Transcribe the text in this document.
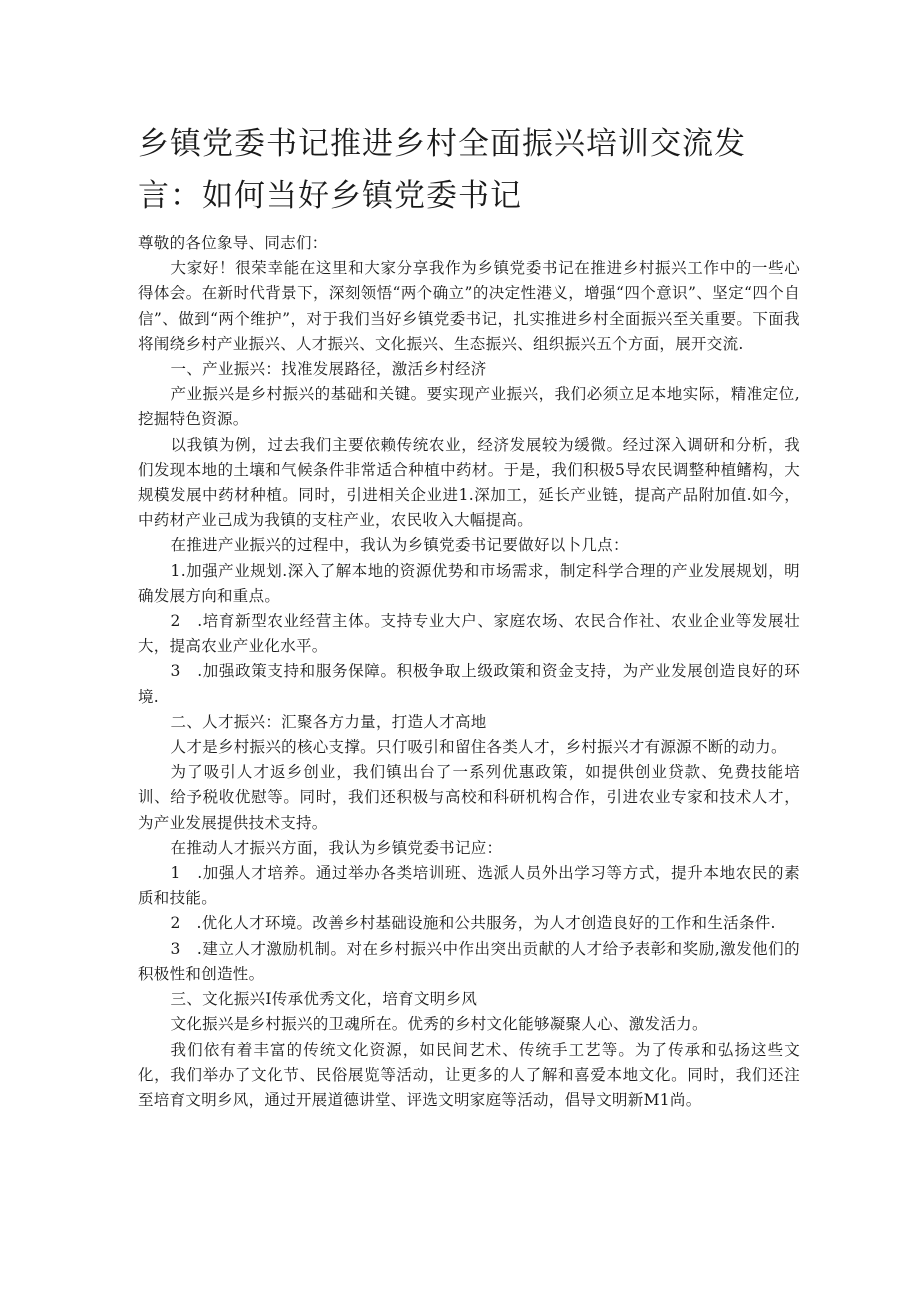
乡镇党委书记推进乡村全面振兴培训交流发言：如何当好乡镇党委书记

尊敬的各位象导、同志们：

大家好！很荣幸能在这里和大家分享我作为乡镇党委书记在推进乡村振兴工作中的一些心得体会。在新时代背景下，深刻领悟“两个确立”的决定性港义，增强“四个意识”、坚定“四个自信”、做到“两个维护”，对于我们当好乡镇党委书记，扎实推进乡村全面振兴至关重要。下面我将闱绕乡村产业振兴、人才振兴、文化振兴、生态振兴、组织振兴五个方面，展开交流.

一、产业振兴：找准发展路径，激活乡村经济

产业振兴是乡村振兴的基础和关键。要实现产业振兴，我们必须立足本地实际，精准定位,挖掘特色资源。

以我镇为例，过去我们主要依赖传统农业，经济发展较为缓微。经过深入调研和分析，我们发现本地的土壤和气候条件非常适合种植中药材。于是，我们积极5导农民调整种植鳍构，大规模发展中药材种植。同时，引进相关企业进1.深加工，延长产业链，提高产品附加值.如今，中药材产业己成为我镇的支柱产业，农民收入大幅提高。

在推进产业振兴的过程中，我认为乡镇党委书记要做好以卜几点：

1.加强产业规划.深入了解本地的资源优势和市场需求，制定科学合理的产业发展规划，明确发展方向和重点。

2　.培育新型农业经营主体。支持专业大户、家庭农场、农民合作社、农业企业等发展壮大，提高农业产业化水平。

3　.加强政策支持和服务保障。积极争取上级政策和资金支持，为产业发展创造良好的环境.

二、人才振兴：汇聚各方力量，打造人才高地

人才是乡村振兴的核心支撑。只仃吸引和留住各类人才，乡村振兴才有源源不断的动力。

为了吸引人才返乡创业，我们镇出台了一系列优惠政策，如提供创业贷款、免费技能培训、给予税收优慰等。同时，我们还积极与高校和科研机构合作，引进农业专家和技术人才，为产业发展提供技术支持。

在推动人才振兴方面，我认为乡镇党委书记应：

1　.加强人才培养。通过举办各类培训班、选派人员外出学习等方式，提升本地农民的素质和技能。

2　.优化人才环境。改善乡村基础设施和公共服务，为人才创造良好的工作和生活条件.

3　.建立人才激励机制。对在乡村振兴中作出突出贡献的人才给予表彰和奖励,激发他们的积极性和创造性。

三、文化振兴I传承优秀文化，培育文明乡风

文化振兴是乡村振兴的卫魂所在。优秀的乡村文化能够凝聚人心、激发活力。

我们依有着丰富的传统文化资源，如民间艺术、传统手工艺等。为了传承和弘扬这些文化，我们举办了文化节、民俗展览等活动，让更多的人了解和喜爱本地文化。同时，我们还注至培育文明乡风，通过开展道德讲堂、评选文明家庭等活动，倡导文明新M1尚。
